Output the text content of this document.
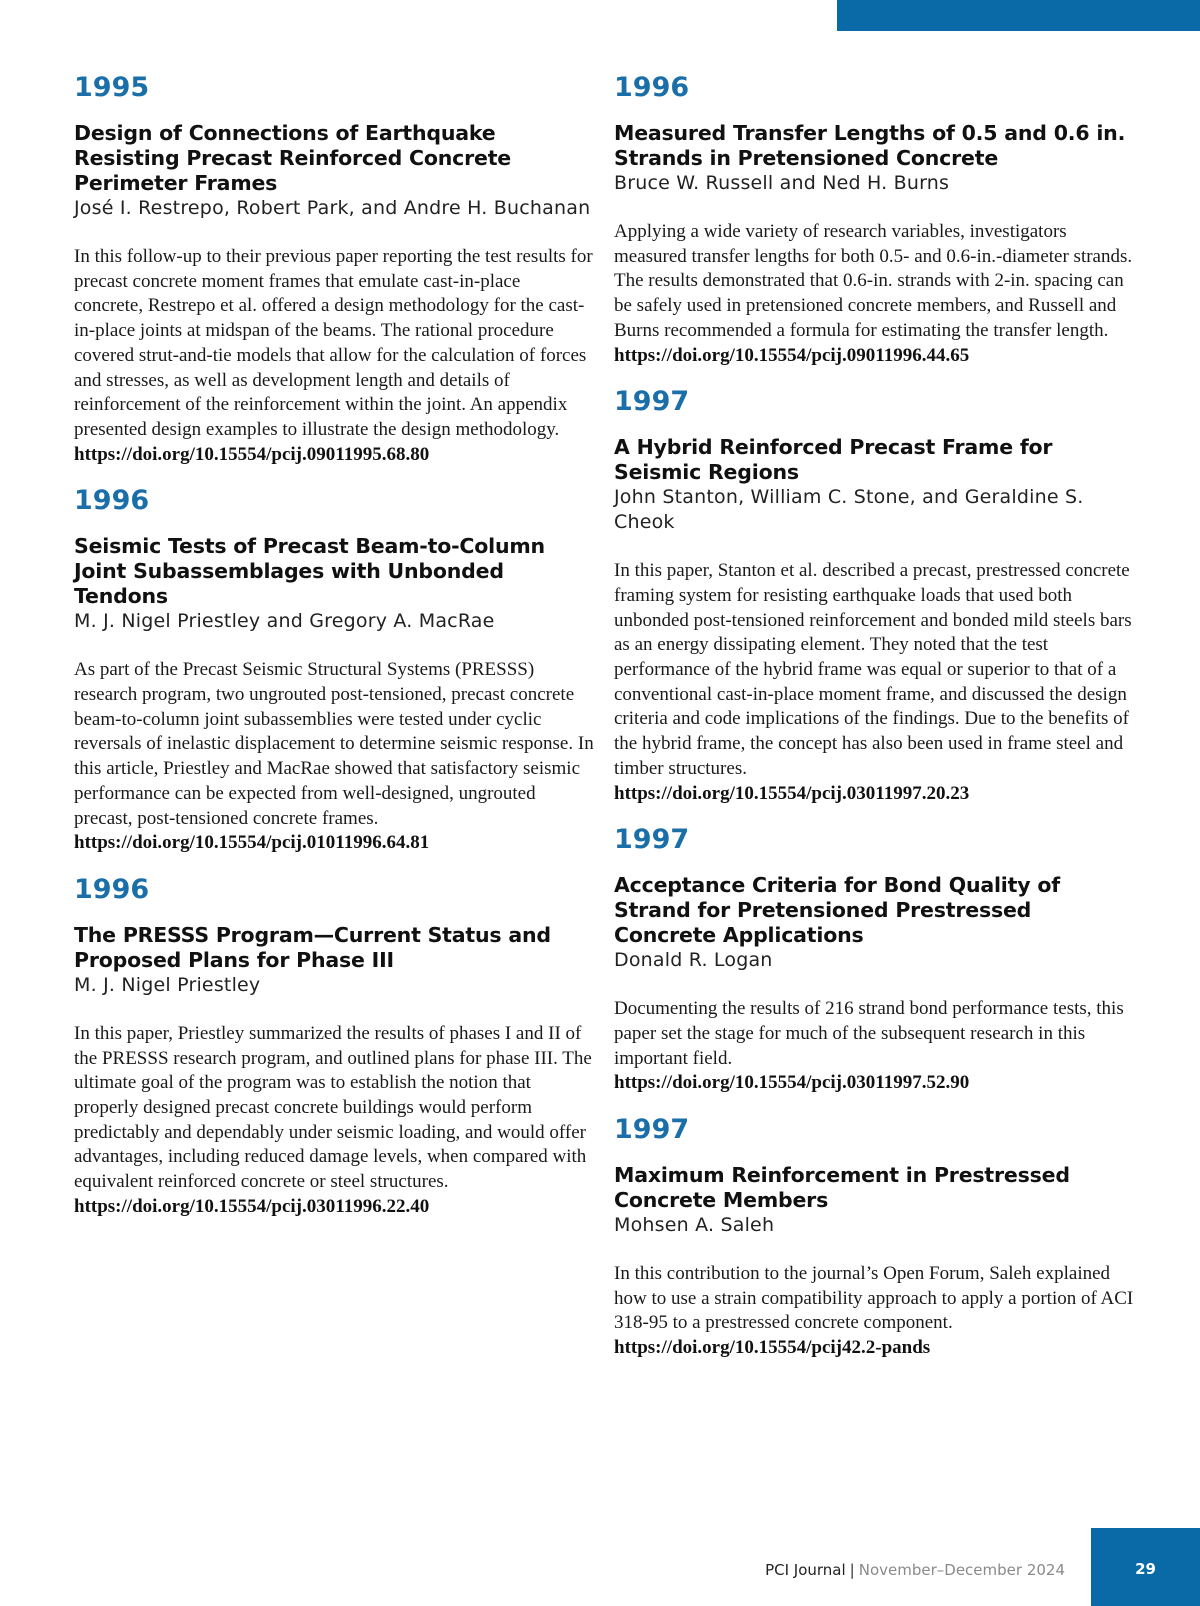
1995
Design of Connections of Earthquake Resisting Precast Reinforced Concrete Perimeter Frames
José I. Restrepo, Robert Park, and Andre H. Buchanan
In this follow-up to their previous paper reporting the test results for precast concrete moment frames that emulate cast-in-place concrete, Restrepo et al. offered a design methodology for the cast-in-place joints at midspan of the beams. The rational procedure covered strut-and-tie models that allow for the calculation of forces and stresses, as well as development length and details of reinforcement of the reinforcement within the joint. An appendix presented design examples to illustrate the design methodology.
https://doi.org/10.15554/pcij.09011995.68.80
1996
Seismic Tests of Precast Beam-to-Column Joint Subassemblages with Unbonded Tendons
M. J. Nigel Priestley and Gregory A. MacRae
As part of the Precast Seismic Structural Systems (PRESSS) research program, two ungrouted post-tensioned, precast concrete beam-to-column joint subassemblies were tested under cyclic reversals of inelastic displacement to determine seismic response. In this article, Priestley and MacRae showed that satisfactory seismic performance can be expected from well-designed, ungrouted precast, post-tensioned concrete frames.
https://doi.org/10.15554/pcij.01011996.64.81
1996
The PRESSS Program—Current Status and Proposed Plans for Phase III
M. J. Nigel Priestley
In this paper, Priestley summarized the results of phases I and II of the PRESSS research program, and outlined plans for phase III. The ultimate goal of the program was to establish the notion that properly designed precast concrete buildings would perform predictably and dependably under seismic loading, and would offer advantages, including reduced damage levels, when compared with equivalent reinforced concrete or steel structures.
https://doi.org/10.15554/pcij.03011996.22.40
1996
Measured Transfer Lengths of 0.5 and 0.6 in. Strands in Pretensioned Concrete
Bruce W. Russell and Ned H. Burns
Applying a wide variety of research variables, investigators measured transfer lengths for both 0.5- and 0.6-in.-diameter strands. The results demonstrated that 0.6-in. strands with 2-in. spacing can be safely used in pretensioned concrete members, and Russell and Burns recommended a formula for estimating the transfer length.
https://doi.org/10.15554/pcij.09011996.44.65
1997
A Hybrid Reinforced Precast Frame for Seismic Regions
John Stanton, William C. Stone, and Geraldine S. Cheok
In this paper, Stanton et al. described a precast, prestressed concrete framing system for resisting earthquake loads that used both unbonded post-tensioned reinforcement and bonded mild steels bars as an energy dissipating element. They noted that the test performance of the hybrid frame was equal or superior to that of a conventional cast-in-place moment frame, and discussed the design criteria and code implications of the findings. Due to the benefits of the hybrid frame, the concept has also been used in frame steel and timber structures.
https://doi.org/10.15554/pcij.03011997.20.23
1997
Acceptance Criteria for Bond Quality of Strand for Pretensioned Prestressed Concrete Applications
Donald R. Logan
Documenting the results of 216 strand bond performance tests, this paper set the stage for much of the subsequent research in this important field.
https://doi.org/10.15554/pcij.03011997.52.90
1997
Maximum Reinforcement in Prestressed Concrete Members
Mohsen A. Saleh
In this contribution to the journal’s Open Forum, Saleh explained how to use a strain compatibility approach to apply a portion of ACI 318-95 to a prestressed concrete component.
https://doi.org/10.15554/pcij42.2-pands
PCI Journal | November–December 2024	29
